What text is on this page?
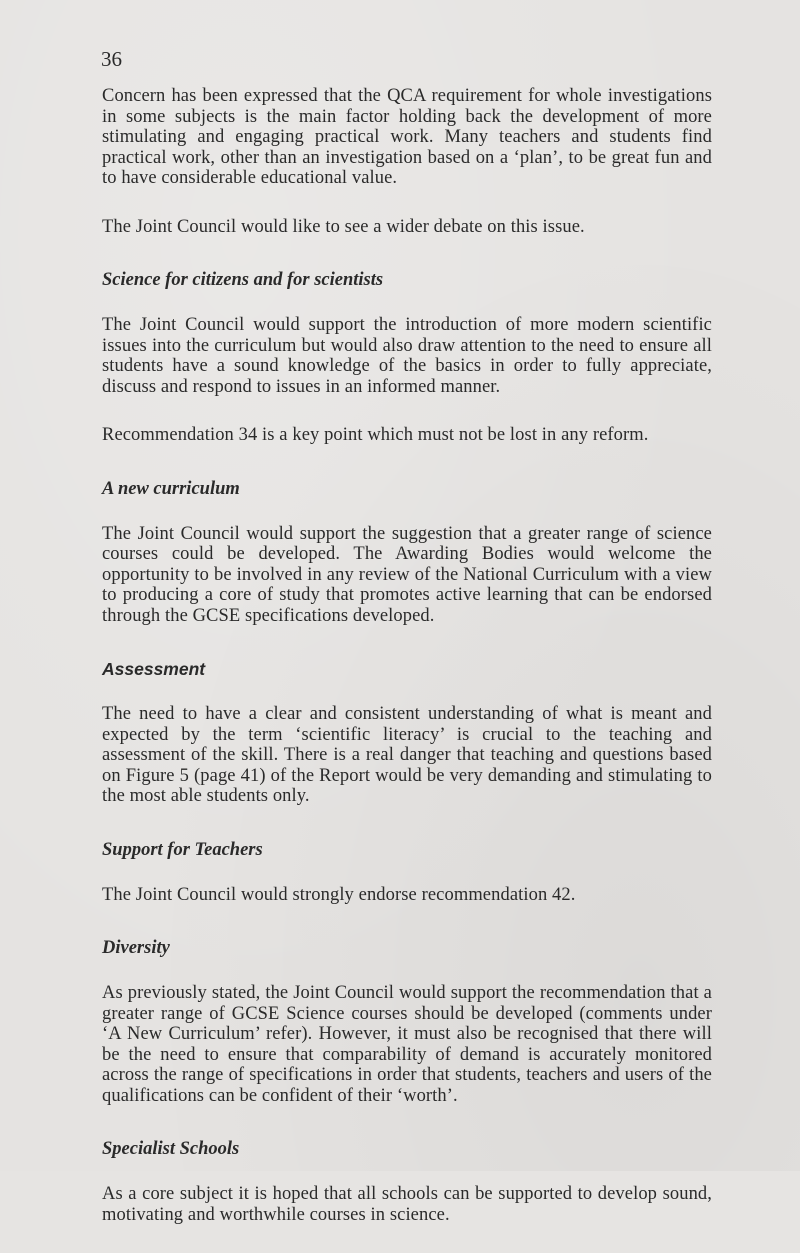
36

Concern has been expressed that the QCA requirement for whole investigations in some subjects is the main factor holding back the development of more stimulating and engaging practical work. Many teachers and students find practical work, other than an investigation based on a ‘plan’, to be great fun and to have considerable educational value.

The Joint Council would like to see a wider debate on this issue.

Science for citizens and for scientists

The Joint Council would support the introduction of more modern scientific issues into the curriculum but would also draw attention to the need to ensure all students have a sound knowledge of the basics in order to fully appreciate, discuss and respond to issues in an informed manner.

Recommendation 34 is a key point which must not be lost in any reform.

A new curriculum

The Joint Council would support the suggestion that a greater range of science courses could be developed. The Awarding Bodies would welcome the opportunity to be involved in any review of the National Curriculum with a view to producing a core of study that promotes active learning that can be endorsed through the GCSE specifications developed.

Assessment

The need to have a clear and consistent understanding of what is meant and expected by the term ‘scientific literacy’ is crucial to the teaching and assessment of the skill. There is a real danger that teaching and questions based on Figure 5 (page 41) of the Report would be very demanding and stimulating to the most able students only.

Support for Teachers

The Joint Council would strongly endorse recommendation 42.

Diversity

As previously stated, the Joint Council would support the recommendation that a greater range of GCSE Science courses should be developed (comments under ‘A New Curriculum’ refer). However, it must also be recognised that there will be the need to ensure that comparability of demand is accurately monitored across the range of specifications in order that students, teachers and users of the qualifications can be confident of their ‘worth’.

Specialist Schools

As a core subject it is hoped that all schools can be supported to develop sound, motivating and worthwhile courses in science.
